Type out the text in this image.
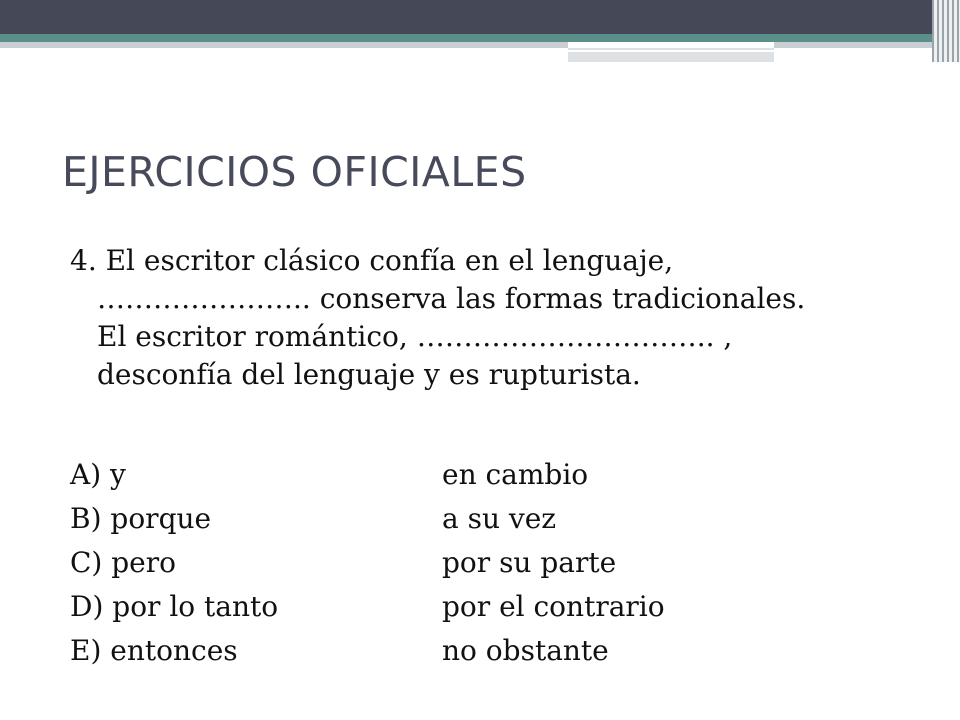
EJERCICIOS OFICIALES
4. El escritor clásico confía en el lenguaje,
………………….. conserva las formas tradicionales.
El escritor romántico, ………………………….. ,
desconfía del lenguaje y es rupturista.
A) y	en cambio
B) porque	a su vez
C) pero	por su parte
D) por lo tanto	por el contrario
E) entonces	no obstante
